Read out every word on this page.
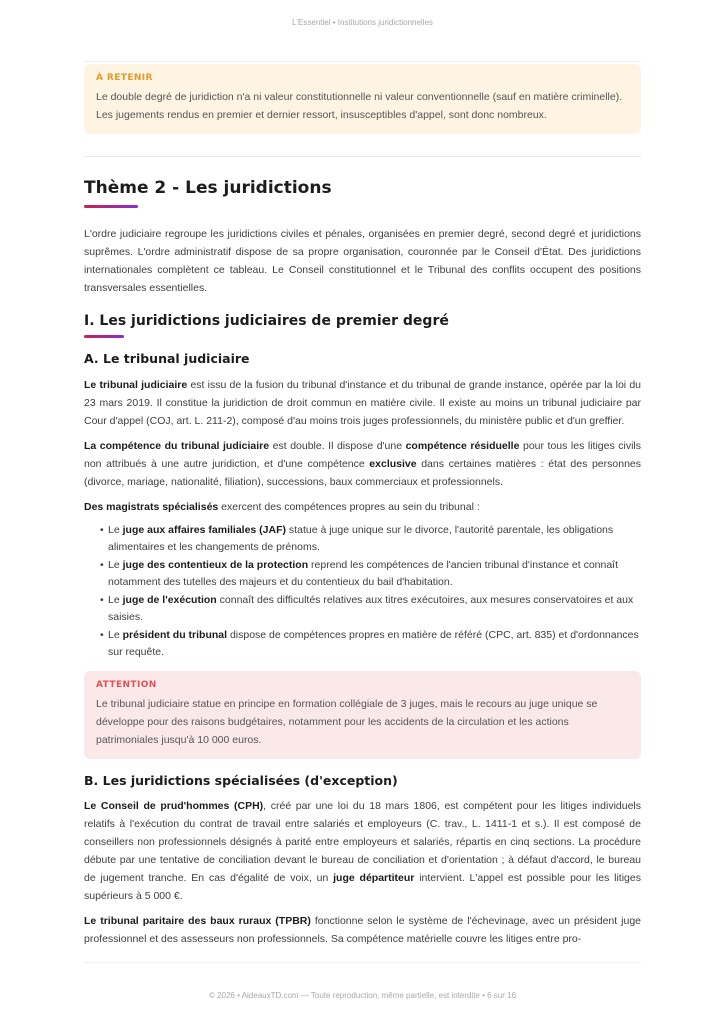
L'Essentiel • Institutions juridictionnelles
À RETENIR
Le double degré de juridiction n'a ni valeur constitutionnelle ni valeur conventionnelle (sauf en matière criminelle). Les jugements rendus en premier et dernier ressort, insusceptibles d'appel, sont donc nombreux.
Thème 2 - Les juridictions

L'ordre judiciaire regroupe les juridictions civiles et pénales, organisées en premier degré, second degré et juridictions suprêmes. L'ordre administratif dispose de sa propre organisation, couronnée par le Conseil d'État. Des juridictions internationales complètent ce tableau. Le Conseil constitutionnel et le Tribunal des conflits occupent des positions transversales essentielles.

I. Les juridictions judiciaires de premier degré
A. Le tribunal judiciaire

Le tribunal judiciaire est issu de la fusion du tribunal d'instance et du tribunal de grande instance, opérée par la loi du 23 mars 2019. Il constitue la juridiction de droit commun en matière civile. Il existe au moins un tribunal judiciaire par Cour d'appel (COJ, art. L. 211-2), composé d'au moins trois juges professionnels, du ministère public et d'un greffier.

La compétence du tribunal judiciaire est double. Il dispose d'une compétence résiduelle pour tous les litiges civils non attribués à une autre juridiction, et d'une compétence exclusive dans certaines matières : état des personnes (divorce, mariage, nationalité, filiation), successions, baux commerciaux et professionnels.

Des magistrats spécialisés exercent des compétences propres au sein du tribunal :

• Le juge aux affaires familiales (JAF) statue à juge unique sur le divorce, l'autorité parentale, les obligations alimentaires et les changements de prénoms.
• Le juge des contentieux de la protection reprend les compétences de l'ancien tribunal d'instance et connaît notamment des tutelles des majeurs et du contentieux du bail d'habitation.
• Le juge de l'exécution connaît des difficultés relatives aux titres exécutoires, aux mesures conservatoires et aux saisies.
• Le président du tribunal dispose de compétences propres en matière de référé (CPC, art. 835) et d'ordonnances sur requête.
ATTENTION
Le tribunal judiciaire statue en principe en formation collégiale de 3 juges, mais le recours au juge unique se développe pour des raisons budgétaires, notamment pour les accidents de la circulation et les actions patrimoniales jusqu'à 10 000 euros.
B. Les juridictions spécialisées (d'exception)

Le Conseil de prud'hommes (CPH), créé par une loi du 18 mars 1806, est compétent pour les litiges individuels relatifs à l'exécution du contrat de travail entre salariés et employeurs (C. trav., L. 1411-1 et s.). Il est composé de conseillers non professionnels désignés à parité entre employeurs et salariés, répartis en cinq sections. La procédure débute par une tentative de conciliation devant le bureau de conciliation et d'orientation ; à défaut d'accord, le bureau de jugement tranche. En cas d'égalité de voix, un juge départiteur intervient. L'appel est possible pour les litiges supérieurs à 5 000 €.

Le tribunal paritaire des baux ruraux (TPBR) fonctionne selon le système de l'échevinage, avec un président juge professionnel et des assesseurs non professionnels. Sa compétence matérielle couvre les litiges entre pro-

© 2026 • AideauxTD.com — Toute reproduction, même partielle, est interdite • 6 sur 16
